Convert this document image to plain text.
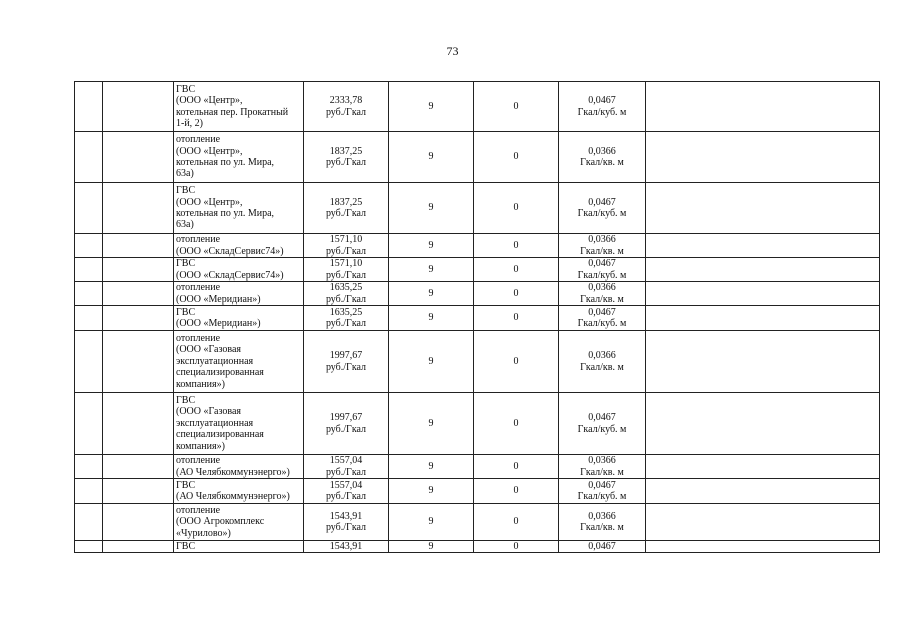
73

		ГВС
(ООО «Центр»,
котельная пер. Прокатный
1-й, 2)	2333,78
руб./Гкал	9	0	0,0467
Гкал/куб. м	

		отопление
(ООО «Центр»,
котельная по ул. Мира,
63а)	1837,25
руб./Гкал	9	0	0,0366
Гкал/кв. м	

		ГВС
(ООО «Центр»,
котельная по ул. Мира,
63а)	1837,25
руб./Гкал	9	0	0,0467
Гкал/куб. м	

		отопление
(ООО «СкладСервис74»)	1571,10
руб./Гкал	9	0	0,0366
Гкал/кв. м	

		ГВС
(ООО «СкладСервис74»)	1571,10
руб./Гкал	9	0	0,0467
Гкал/куб. м	

		отопление
(ООО «Меридиан»)	1635,25
руб./Гкал	9	0	0,0366
Гкал/кв. м	

		ГВС
(ООО «Меридиан»)	1635,25
руб./Гкал	9	0	0,0467
Гкал/куб. м	

		отопление
(ООО «Газовая
эксплуатационная
специализированная
компания»)	1997,67
руб./Гкал	9	0	0,0366
Гкал/кв. м	

		ГВС
(ООО «Газовая
эксплуатационная
специализированная
компания»)	1997,67
руб./Гкал	9	0	0,0467
Гкал/куб. м	

		отопление
(АО Челябкоммунэнерго»)	1557,04
руб./Гкал	9	0	0,0366
Гкал/кв. м	

		ГВС
(АО Челябкоммунэнерго»)	1557,04
руб./Гкал	9	0	0,0467
Гкал/куб. м	

		отопление
(ООО Агрокомплекс
«Чурилово»)	1543,91
руб./Гкал	9	0	0,0366
Гкал/кв. м	

		ГВС	1543,91	9	0	0,0467	
